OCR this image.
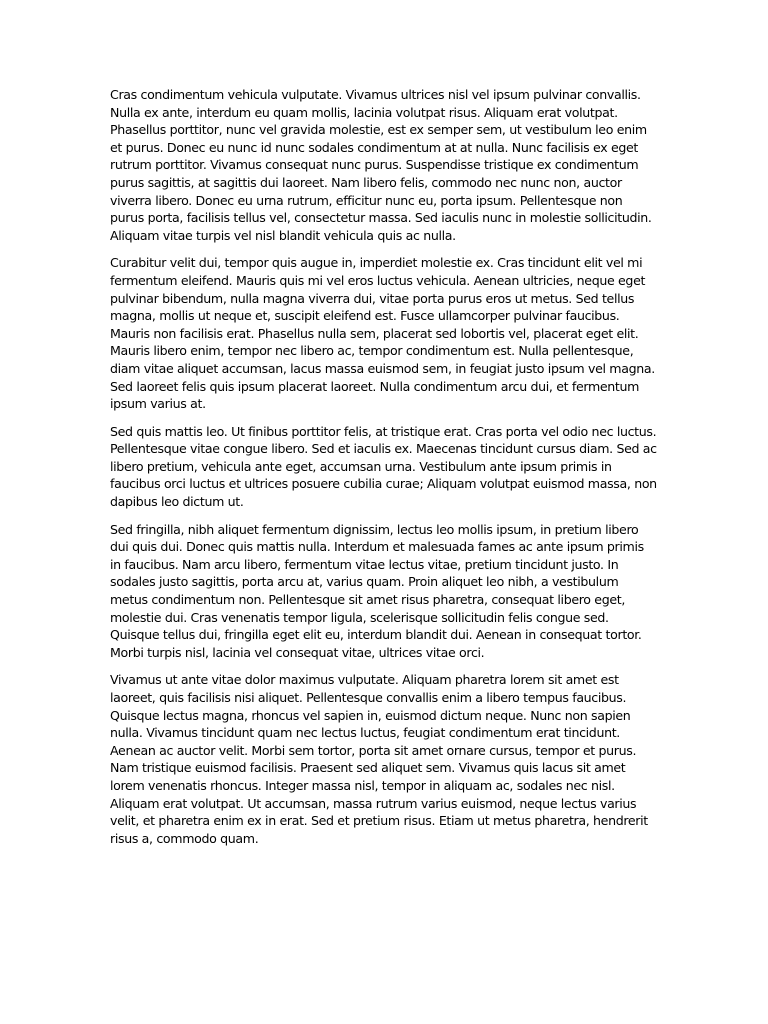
Cras condimentum vehicula vulputate. Vivamus ultrices nisl vel ipsum pulvinar convallis. Nulla ex ante, interdum eu quam mollis, lacinia volutpat risus. Aliquam erat volutpat. Phasellus porttitor, nunc vel gravida molestie, est ex semper sem, ut vestibulum leo enim et purus. Donec eu nunc id nunc sodales condimentum at at nulla. Nunc facilisis ex eget rutrum porttitor. Vivamus consequat nunc purus. Suspendisse tristique ex condimentum purus sagittis, at sagittis dui laoreet. Nam libero felis, commodo nec nunc non, auctor viverra libero. Donec eu urna rutrum, efficitur nunc eu, porta ipsum. Pellentesque non purus porta, facilisis tellus vel, consectetur massa. Sed iaculis nunc in molestie sollicitudin. Aliquam vitae turpis vel nisl blandit vehicula quis ac nulla.

Curabitur velit dui, tempor quis augue in, imperdiet molestie ex. Cras tincidunt elit vel mi fermentum eleifend. Mauris quis mi vel eros luctus vehicula. Aenean ultricies, neque eget pulvinar bibendum, nulla magna viverra dui, vitae porta purus eros ut metus. Sed tellus magna, mollis ut neque et, suscipit eleifend est. Fusce ullamcorper pulvinar faucibus. Mauris non facilisis erat. Phasellus nulla sem, placerat sed lobortis vel, placerat eget elit. Mauris libero enim, tempor nec libero ac, tempor condimentum est. Nulla pellentesque, diam vitae aliquet accumsan, lacus massa euismod sem, in feugiat justo ipsum vel magna. Sed laoreet felis quis ipsum placerat laoreet. Nulla condimentum arcu dui, et fermentum ipsum varius at.

Sed quis mattis leo. Ut finibus porttitor felis, at tristique erat. Cras porta vel odio nec luctus. Pellentesque vitae congue libero. Sed et iaculis ex. Maecenas tincidunt cursus diam. Sed ac libero pretium, vehicula ante eget, accumsan urna. Vestibulum ante ipsum primis in faucibus orci luctus et ultrices posuere cubilia curae; Aliquam volutpat euismod massa, non dapibus leo dictum ut.

Sed fringilla, nibh aliquet fermentum dignissim, lectus leo mollis ipsum, in pretium libero dui quis dui. Donec quis mattis nulla. Interdum et malesuada fames ac ante ipsum primis in faucibus. Nam arcu libero, fermentum vitae lectus vitae, pretium tincidunt justo. In sodales justo sagittis, porta arcu at, varius quam. Proin aliquet leo nibh, a vestibulum metus condimentum non. Pellentesque sit amet risus pharetra, consequat libero eget, molestie dui. Cras venenatis tempor ligula, scelerisque sollicitudin felis congue sed. Quisque tellus dui, fringilla eget elit eu, interdum blandit dui. Aenean in consequat tortor. Morbi turpis nisl, lacinia vel consequat vitae, ultrices vitae orci.

Vivamus ut ante vitae dolor maximus vulputate. Aliquam pharetra lorem sit amet est laoreet, quis facilisis nisi aliquet. Pellentesque convallis enim a libero tempus faucibus. Quisque lectus magna, rhoncus vel sapien in, euismod dictum neque. Nunc non sapien nulla. Vivamus tincidunt quam nec lectus luctus, feugiat condimentum erat tincidunt. Aenean ac auctor velit. Morbi sem tortor, porta sit amet ornare cursus, tempor et purus. Nam tristique euismod facilisis. Praesent sed aliquet sem. Vivamus quis lacus sit amet lorem venenatis rhoncus. Integer massa nisl, tempor in aliquam ac, sodales nec nisl. Aliquam erat volutpat. Ut accumsan, massa rutrum varius euismod, neque lectus varius velit, et pharetra enim ex in erat. Sed et pretium risus. Etiam ut metus pharetra, hendrerit risus a, commodo quam.
